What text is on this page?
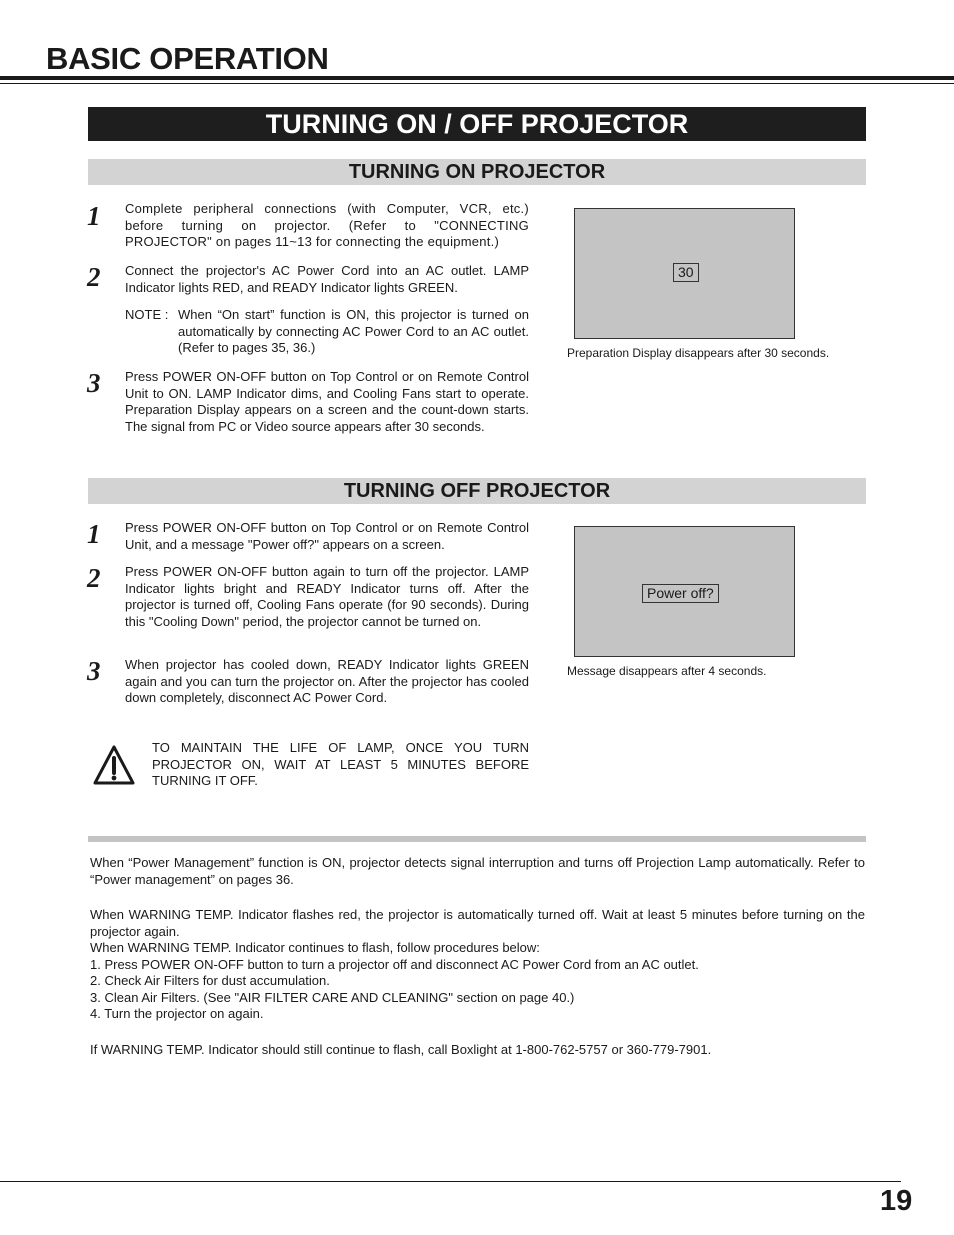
BASIC OPERATION
TURNING ON / OFF PROJECTOR
TURNING ON PROJECTOR
1	Complete peripheral connections (with Computer, VCR, etc.) before turning on projector. (Refer to "CONNECTING PROJECTOR" on pages 11~13 for connecting the equipment.)

2	Connect the projector's AC Power Cord into an AC outlet. LAMP Indicator lights RED, and READY Indicator lights GREEN.

NOTE : When “On start” function is ON, this projector is turned on automatically by connecting AC Power Cord to an AC outlet. (Refer to pages 35, 36.)
3	Press POWER ON-OFF button on Top Control or on Remote Control Unit to ON. LAMP Indicator dims, and Cooling Fans start to operate. Preparation Display appears on a screen and the count-down starts. The signal from PC or Video source appears after 30 seconds.

30
Preparation Display disappears after 30 seconds.
TURNING OFF PROJECTOR
1	Press POWER ON-OFF button on Top Control or on Remote Control Unit, and a message "Power off?" appears on a screen.

2	Press POWER ON-OFF button again to turn off the projector. LAMP Indicator lights bright and READY Indicator turns off. After the projector is turned off, Cooling Fans operate (for 90 seconds). During this "Cooling Down" period, the projector cannot be turned on.

3	When projector has cooled down, READY Indicator lights GREEN again and you can turn the projector on. After the projector has cooled down completely, disconnect AC Power Cord.

Power off?
Message disappears after 4 seconds.

TO MAINTAIN THE LIFE OF LAMP, ONCE YOU TURN PROJECTOR ON, WAIT AT LEAST 5 MINUTES BEFORE TURNING IT OFF.

When “Power Management” function is ON, projector detects signal interruption and turns off Projection Lamp automatically. Refer to “Power management” on pages 36.

When WARNING TEMP. Indicator flashes red, the projector is automatically turned off. Wait at least 5 minutes before turning on the projector again.

When WARNING TEMP. Indicator continues to flash, follow procedures below:

1. Press POWER ON-OFF button to turn a projector off and disconnect AC Power Cord from an AC outlet.

2. Check Air Filters for dust accumulation.

3. Clean Air Filters. (See "AIR FILTER CARE AND CLEANING" section on page 40.)

4. Turn the projector on again.

If WARNING TEMP. Indicator should still continue to flash, call Boxlight at 1-800-762-5757 or 360-779-7901.

19
